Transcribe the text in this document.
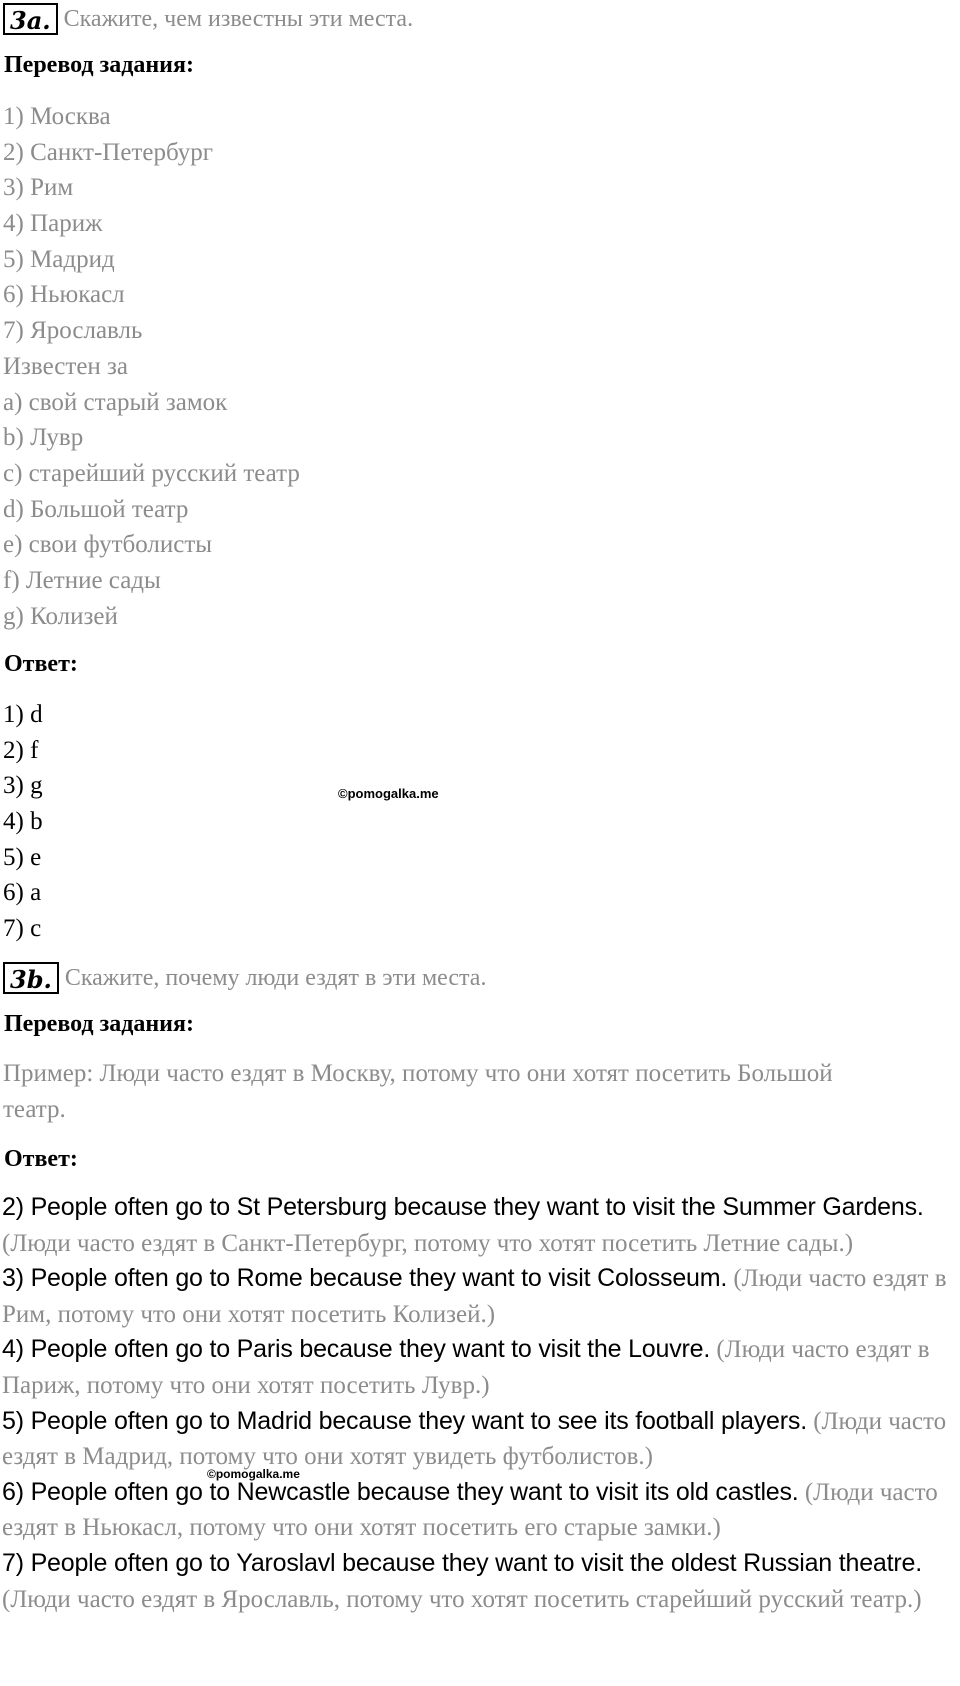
3a. Скажите, чем известны эти места.
Перевод задания:
1) Москва
2) Санкт-Петербург
3) Рим
4) Париж
5) Мадрид
6) Ньюкасл
7) Ярославль
Известен за
a) свой старый замок
b) Лувр
c) старейший русский театр
d) Большой театр
e) свои футболисты
f) Летние сады
g) Колизей
Ответ:
1) d
2) f
3) g
4) b
5) e
6) a
7) c
©pomogalka.me
3b. Скажите, почему люди ездят в эти места.
Перевод задания:
Пример: Люди часто ездят в Москву, потому что они хотят посетить Большой театр.
Ответ:

2) People often go to St Petersburg because they want to visit the Summer Gardens. (Люди часто ездят в Санкт-Петербург, потому что хотят посетить Летние сады.)

3) People often go to Rome because they want to visit Colosseum. (Люди часто ездят в Рим, потому что они хотят посетить Колизей.)

4) People often go to Paris because they want to visit the Louvre. (Люди часто ездят в Париж, потому что они хотят посетить Лувр.)

5) People often go to Madrid because they want to see its football players. (Люди часто ездят в Мадрид, потому что они хотят увидеть футболистов.)

6) People often go to Newcastle because they want to visit its old castles. (Люди часто ездят в Ньюкасл, потому что они хотят посетить его старые замки.)

7) People often go to Yaroslavl because they want to visit the oldest Russian theatre. (Люди часто ездят в Ярославль, потому что хотят посетить старейший русский театр.)

©pomogalka.me
